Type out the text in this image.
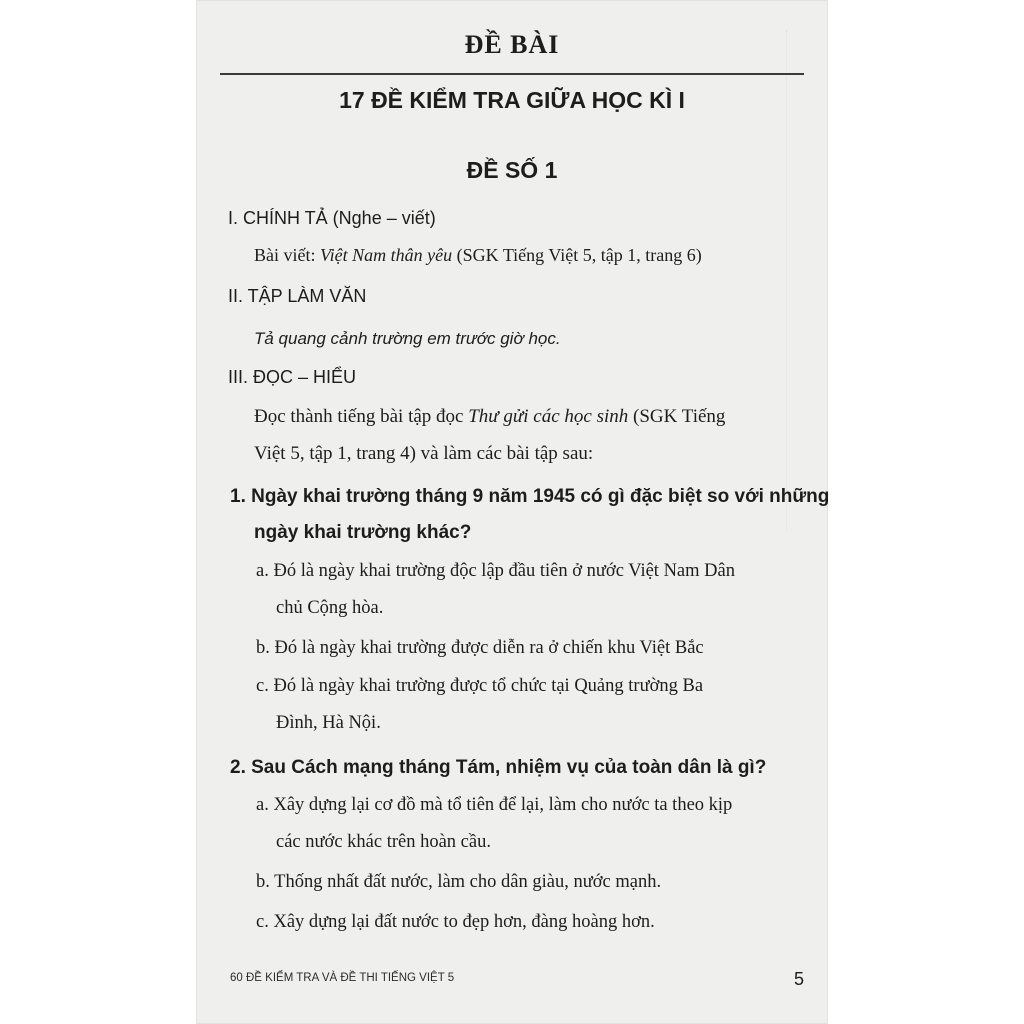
ĐỀ BÀI
17 ĐỀ KIỂM TRA GIỮA HỌC KÌ I
ĐỀ SỐ 1
I. CHÍNH TẢ (Nghe – viết)
Bài viết: Việt Nam thân yêu (SGK Tiếng Việt 5, tập 1, trang 6)
II. TẬP LÀM VĂN
Tả quang cảnh trường em trước giờ học.
III. ĐỌC – HIỂU
Đọc thành tiếng bài tập đọc Thư gửi các học sinh (SGK Tiếng
Việt 5, tập 1, trang 4) và làm các bài tập sau:
1. Ngày khai trường tháng 9 năm 1945 có gì đặc biệt so với những
ngày khai trường khác?
a. Đó là ngày khai trường độc lập đầu tiên ở nước Việt Nam Dân
chủ Cộng hòa.
b. Đó là ngày khai trường được diễn ra ở chiến khu Việt Bắc
c. Đó là ngày khai trường được tổ chức tại Quảng trường Ba
Đình, Hà Nội.
2. Sau Cách mạng tháng Tám, nhiệm vụ của toàn dân là gì?
a. Xây dựng lại cơ đồ mà tổ tiên để lại, làm cho nước ta theo kịp
các nước khác trên hoàn cầu.
b. Thống nhất đất nước, làm cho dân giàu, nước mạnh.
c. Xây dựng lại đất nước to đẹp hơn, đàng hoàng hơn.
60 ĐỀ KIỂM TRA VÀ ĐỀ THI TIẾNG VIỆT 5	5
